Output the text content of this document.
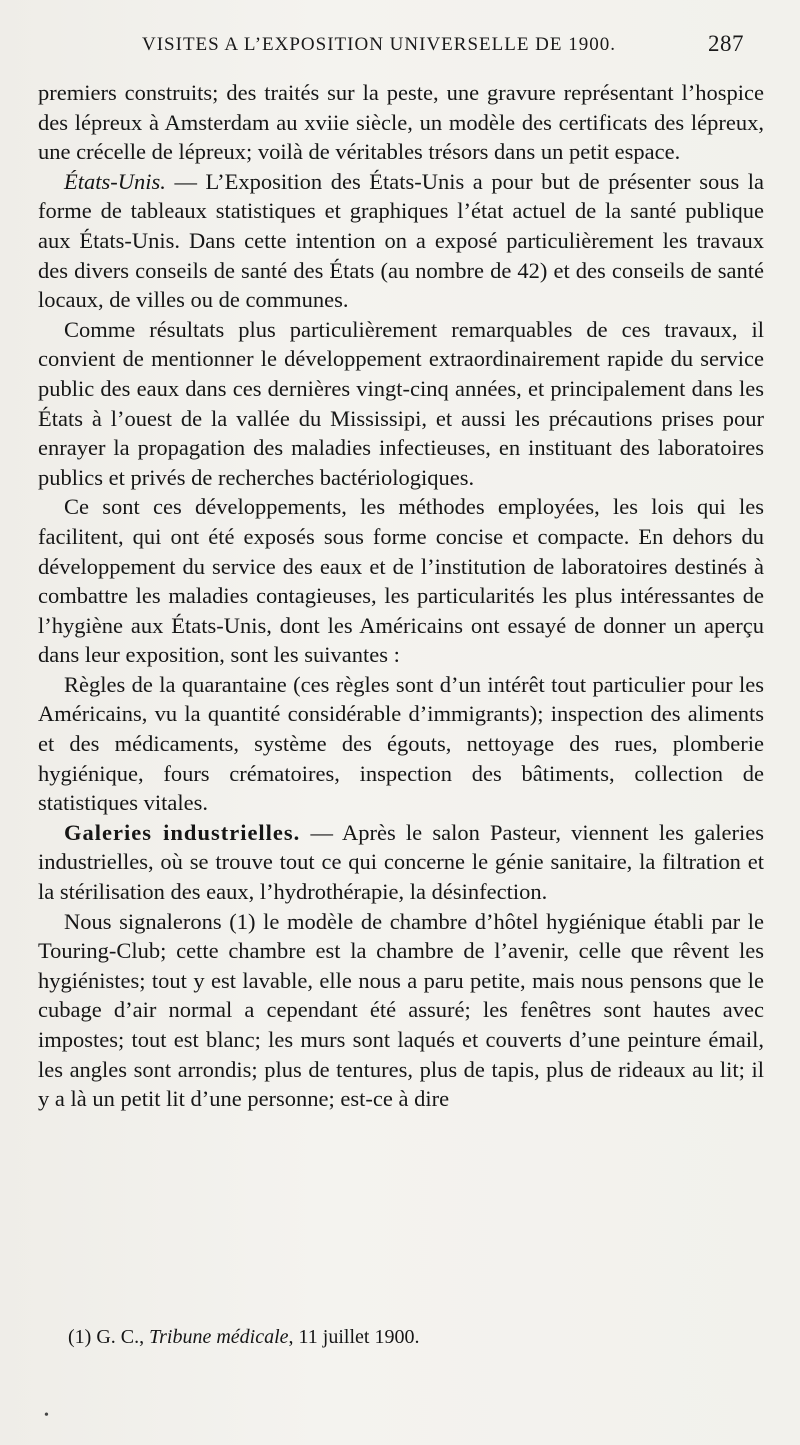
VISITES A L’EXPOSITION UNIVERSELLE DE 1900.	287

premiers construits; des traités sur la peste, une gravure représentant l’hospice des lépreux à Amsterdam au xviie siècle, un modèle des certificats des lépreux, une crécelle de lépreux; voilà de véritables trésors dans un petit espace.

États-Unis. — L’Exposition des États-Unis a pour but de présenter sous la forme de tableaux statistiques et graphiques l’état actuel de la santé publique aux États-Unis. Dans cette intention on a exposé particulièrement les travaux des divers conseils de santé des États (au nombre de 42) et des conseils de santé locaux, de villes ou de communes.

Comme résultats plus particulièrement remarquables de ces travaux, il convient de mentionner le développement extraordinairement rapide du service public des eaux dans ces dernières vingt-cinq années, et principalement dans les États à l’ouest de la vallée du Mississipi, et aussi les précautions prises pour enrayer la propagation des maladies infectieuses, en instituant des laboratoires publics et privés de recherches bactériologiques.

Ce sont ces développements, les méthodes employées, les lois qui les facilitent, qui ont été exposés sous forme concise et compacte. En dehors du développement du service des eaux et de l’institution de laboratoires destinés à combattre les maladies contagieuses, les particularités les plus intéressantes de l’hygiène aux États-Unis, dont les Américains ont essayé de donner un aperçu dans leur exposition, sont les suivantes :

Règles de la quarantaine (ces règles sont d’un intérêt tout particulier pour les Américains, vu la quantité considérable d’immigrants); inspection des aliments et des médicaments, système des égouts, nettoyage des rues, plomberie hygiénique, fours crématoires, inspection des bâtiments, collection de statistiques vitales.

Galeries industrielles. — Après le salon Pasteur, viennent les galeries industrielles, où se trouve tout ce qui concerne le génie sanitaire, la filtration et la stérilisation des eaux, l’hydrothérapie, la désinfection.

Nous signalerons (1) le modèle de chambre d’hôtel hygiénique établi par le Touring-Club; cette chambre est la chambre de l’avenir, celle que rêvent les hygiénistes; tout y est lavable, elle nous a paru petite, mais nous pensons que le cubage d’air normal a cependant été assuré; les fenêtres sont hautes avec impostes; tout est blanc; les murs sont laqués et couverts d’une peinture émail, les angles sont arrondis; plus de tentures, plus de tapis, plus de rideaux au lit; il y a là un petit lit d’une personne; est-ce à dire

(1) G. C., Tribune médicale, 11 juillet 1900.
•
